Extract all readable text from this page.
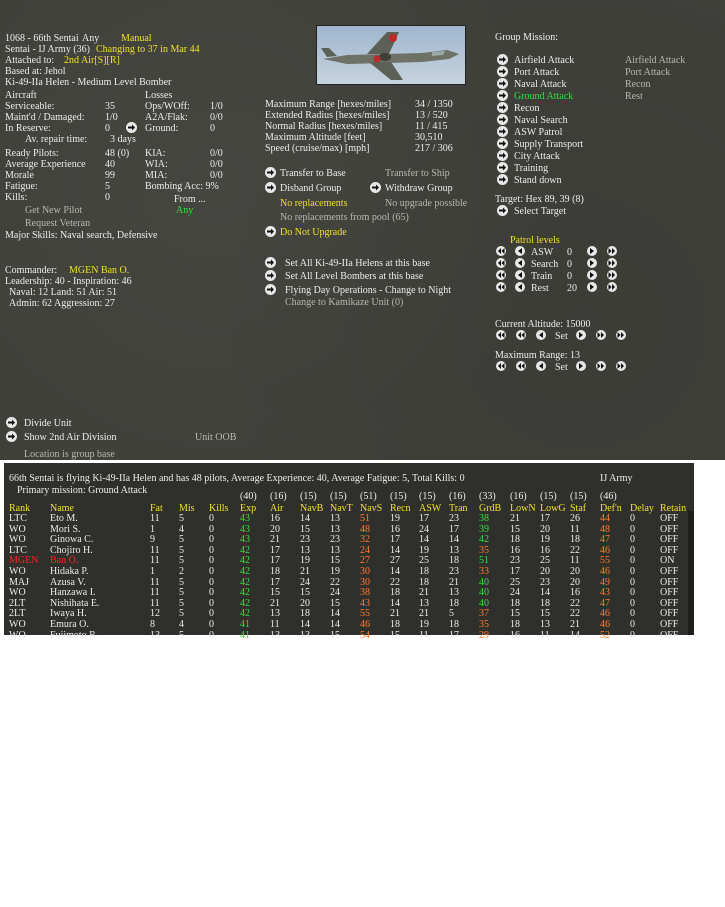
1068 - 66th Sentai Any Manual
Sentai - IJ Army (36) Changing to 37 in Mar 44
Attached to: 2nd Air[S][R]
Based at: Jehol
Ki-49-IIa Helen - Medium Level Bomber
Aircraft	Losses
Serviceable:	35	Ops/WOff: 1/0
Maint'd / Damaged: 1/0	A2A/Flak: 0/0
In Reserve:	0	Ground:	0
Av. repair time: 3 days
Ready Pilots:	48 (0) KIA:	0/0
Average Experience 40	WIA:	0/0
Morale	99	MIA:	0/0
Fatigue:	5	Bombing Acc: 9%
Kills:	0	From ...
Any
Get New Pilot
Request Veteran
Major Skills: Naval search, Defensive
Commander: MGEN Ban O.
Leadership: 40 - Inspiration: 46
Naval: 12 Land: 51 Air: 51
Admin: 62 Aggression: 27
Divide Unit
Show 2nd Air Division	Unit OOB
Location is group base
Maximum Range [hexes/miles] 34 / 1350
Extended Radius [hexes/miles]	13 / 520
Normal Radius [hexes/miles]	11 / 415
Maximum Altitude [feet]	30,510
Speed (cruise/max) [mph]	217 / 306
Transfer to Base	Transfer to Ship
Disband Group	Withdraw Group
No replacements	No upgrade possible
No replacements from pool (65)
Do Not Upgrade
Set All Ki-49-IIa Helens at this base
Set All Level Bombers at this base
Flying Day Operations - Change to Night
Change to Kamikaze Unit (0)
Group Mission:
Airfield Attack
Port Attack
Naval Attack
Ground Attack
Recon
Naval Search
ASW Patrol
Supply Transport
City Attack
Training
Stand down
Airfield Attack
Port Attack
Recon
Rest
Target: Hex 89, 39 (8)
Select Target
Patrol levels
ASW 0
Search 0
Train 0
Rest 20
Current Altitude: 15000
Set
Maximum Range: 13
Set
66th Sentai is flying Ki-49-IIa Helen and has 48 pilots, Average Experience: 40, Average Fatigue: 5, Total Kills: 0	IJ Army
Primary mission: Ground Attack
(40) (16) (15) (15) (51) (15) (15) (16) (33) (16) (15) (15) (46)
Rank Name	Fat Mis Kills Exp Air NavB NavT NavS Recn ASW Tran GrdB LowN LowG Staf Def'n Delay Retain
LTC Eto M.	11 5	0	43 16 14 13 51 19 17 23 38 21 17 26 44 0	OFF
WO Mori S.	1 4	0	43 20 15 13 48 16 24 17 39 15 20 11 48 0	OFF
WO Ginowa C.	9 5	0	43 21 23 23 32 17 14 14 42 18 19 18 47 0	OFF
LTC Chojiro H.	11 5	0	42 17 13 13 24 14 19 13 35 16 16 22 46 0	OFF
MGEN Ban O.	11 5	0	42 17 19 15 27 27 25 18 51 23 25 11 55 0	ON
WO Hidaka P.	1 2	0	42 18 21 19 30 14 18 23 33 17 20 20 46 0	OFF
MAJ Azusa V.	11 5	0	42 17 24 22 30 22 18 21 40 25 23 20 49 0	OFF
WO Hanzawa I.	11 5	0	42 15 15 24 38 18 21 13 40 24 14 16 43 0	OFF
2LT Nishihata E.	11 5	0	42 21 20 15 43 14 13 18 40 18 18 22 47 0	OFF
2LT Iwaya H.	12 5	0	42 13 18 14 55 21 21 5	37 15 15 22 46 0	OFF
WO Emura O.	8 4	0	41 11 14 14 46 18 19 18 35 18 13 21 46 0	OFF
WO Fujimoto R.	13 5	0	41 13 13 15 54 15 11 17 29 16 11 14 52 0	OFF
